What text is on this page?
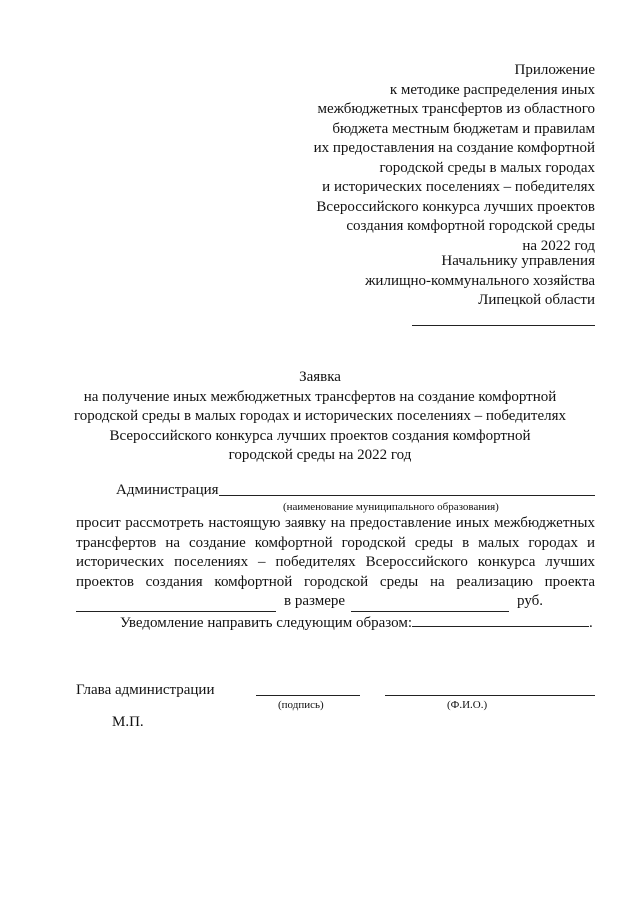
Приложение
к методике распределения иных
межбюджетных трансфертов из областного
бюджета местным бюджетам и правилам
их предоставления на создание комфортной
городской среды в малых городах
и исторических поселениях – победителях
Всероссийского конкурса лучших проектов
создания комфортной городской среды
на 2022 год
Начальнику управления
жилищно-коммунального хозяйства
Липецкой области
Заявка
на получение иных межбюджетных трансфертов на создание комфортной
городской среды в малых городах и исторических поселениях – победителях
Всероссийского конкурса лучших проектов создания комфортной
городской среды на 2022 год
Администрация
(наименование муниципального образования)
просит рассмотреть настоящую заявку на предоставление иных межбюджетных
трансфертов на создание комфортной городской среды в малых городах и
исторических поселениях – победителях Всероссийского конкурса лучших
проектов создания комфортной городской среды на реализацию проекта
в размере	руб.
Уведомление направить следующим образом:	.
Глава администрации
(подпись)	(Ф.И.О.)
М.П.
